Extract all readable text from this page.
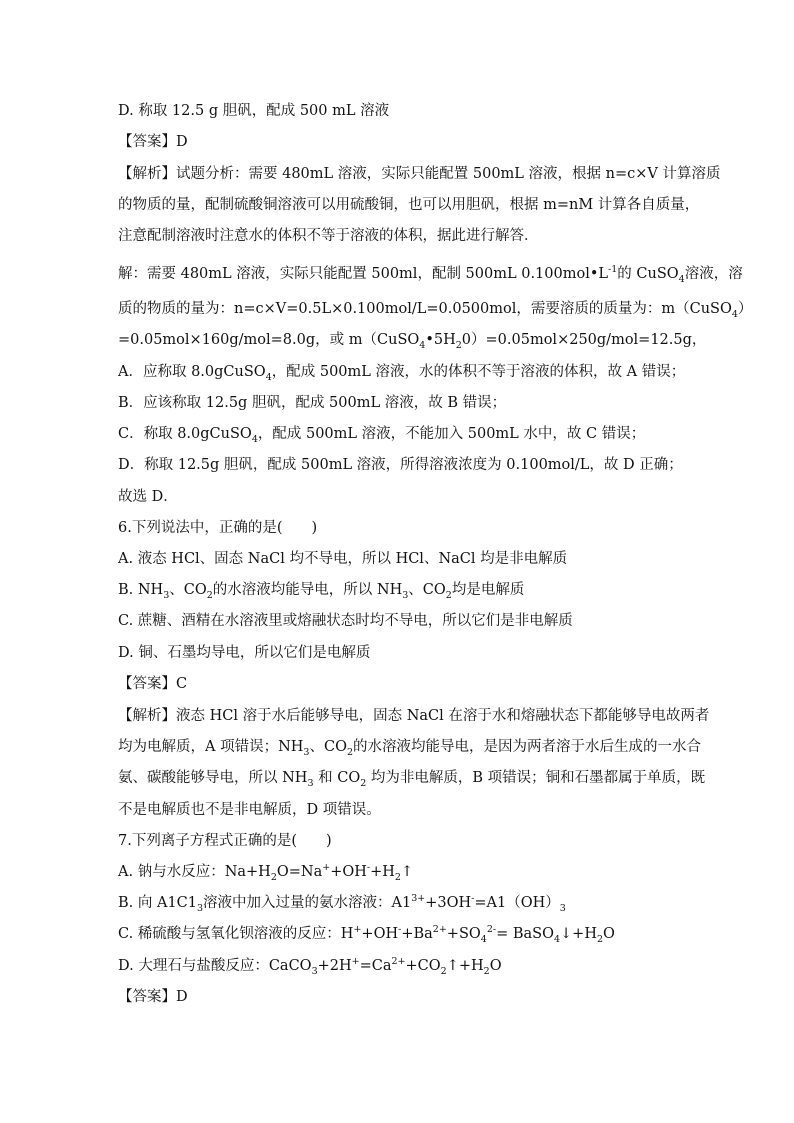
D. 称取 12.5 g 胆矾，配成 500 mL 溶液
【答案】D
【解析】试题分析：需要 480mL 溶液，实际只能配置 500mL 溶液，根据 n=c×V 计算溶质
的物质的量，配制硫酸铜溶液可以用硫酸铜，也可以用胆矾，根据 m=nM 计算各自质量，
注意配制溶液时注意水的体积不等于溶液的体积，据此进行解答．
解：需要 480mL 溶液，实际只能配置 500ml，配制 500mL $0.100mol•L^{-1}$的 CuSO$_4$溶液，溶
质的物质的量为：n=c×V=0.5L×0.100mol/L=0.0500mol，需要溶质的质量为：m（CuSO$_4$）
=0.05mol×160g/mol=8.0g，或 $m(CuSO_4•5H_20)=0.05mol\times 250g/mol=12.5g$，
A．应称取 8.0gCuSO$_4$，配成 500mL 溶液，水的体积不等于溶液的体积，故 A 错误；
B．应该称取 12.5g 胆矾，配成 500mL 溶液，故 B 错误；
C．称取 8.0gCuSO$_4$，配成 500mL 溶液，不能加入 500mL 水中，故 C 错误；
D．称取 12.5g 胆矾，配成 500mL 溶液，所得溶液浓度为 0.100mol/L，故 D 正确；
故选 D．
6.下列说法中，正确的是(　　)
A. 液态 HCl、固态 NaCl 均不导电，所以 HCl、NaCl 均是非电解质
B. $NH_3$、$CO_2$的水溶液均能导电，所以 $NH_3$、$CO_2$均是电解质
C. 蔗糖、酒精在水溶液里或熔融状态时均不导电，所以它们是非电解质
D. 铜、石墨均导电，所以它们是电解质
【答案】C
【解析】液态 HCl 溶于水后能够导电，固态 NaCl 在溶于水和熔融状态下都能够导电故两者
均为电解质，A 项错误；$NH_3$、$CO_2$的水溶液均能导电，是因为两者溶于水后生成的一水合
氨、碳酸能够导电，所以 $NH_3$ 和 $CO_2$ 均为非电解质，B 项错误；铜和石墨都属于单质，既
不是电解质也不是非电解质，D 项错误。
7.下列离子方程式正确的是(　　)
A. 钠与水反应：$Na+H_2O=Na^++OH^-+H_2↑$
B. 向 $A1C1_3$溶液中加入过量的氨水溶液：$A1^{3+}+3OH^-=A1(OH)_3$
C. 稀硫酸与氢氧化钡溶液的反应：$H^++OH^-+Ba^{2+}+SO_4^{2-}=$ $BaSO_4↓+H_2O$
D. 大理石与盐酸反应：$CaCO_3+2H^+=Ca^{2+}+CO_2↑+H_2O$
【答案】D
